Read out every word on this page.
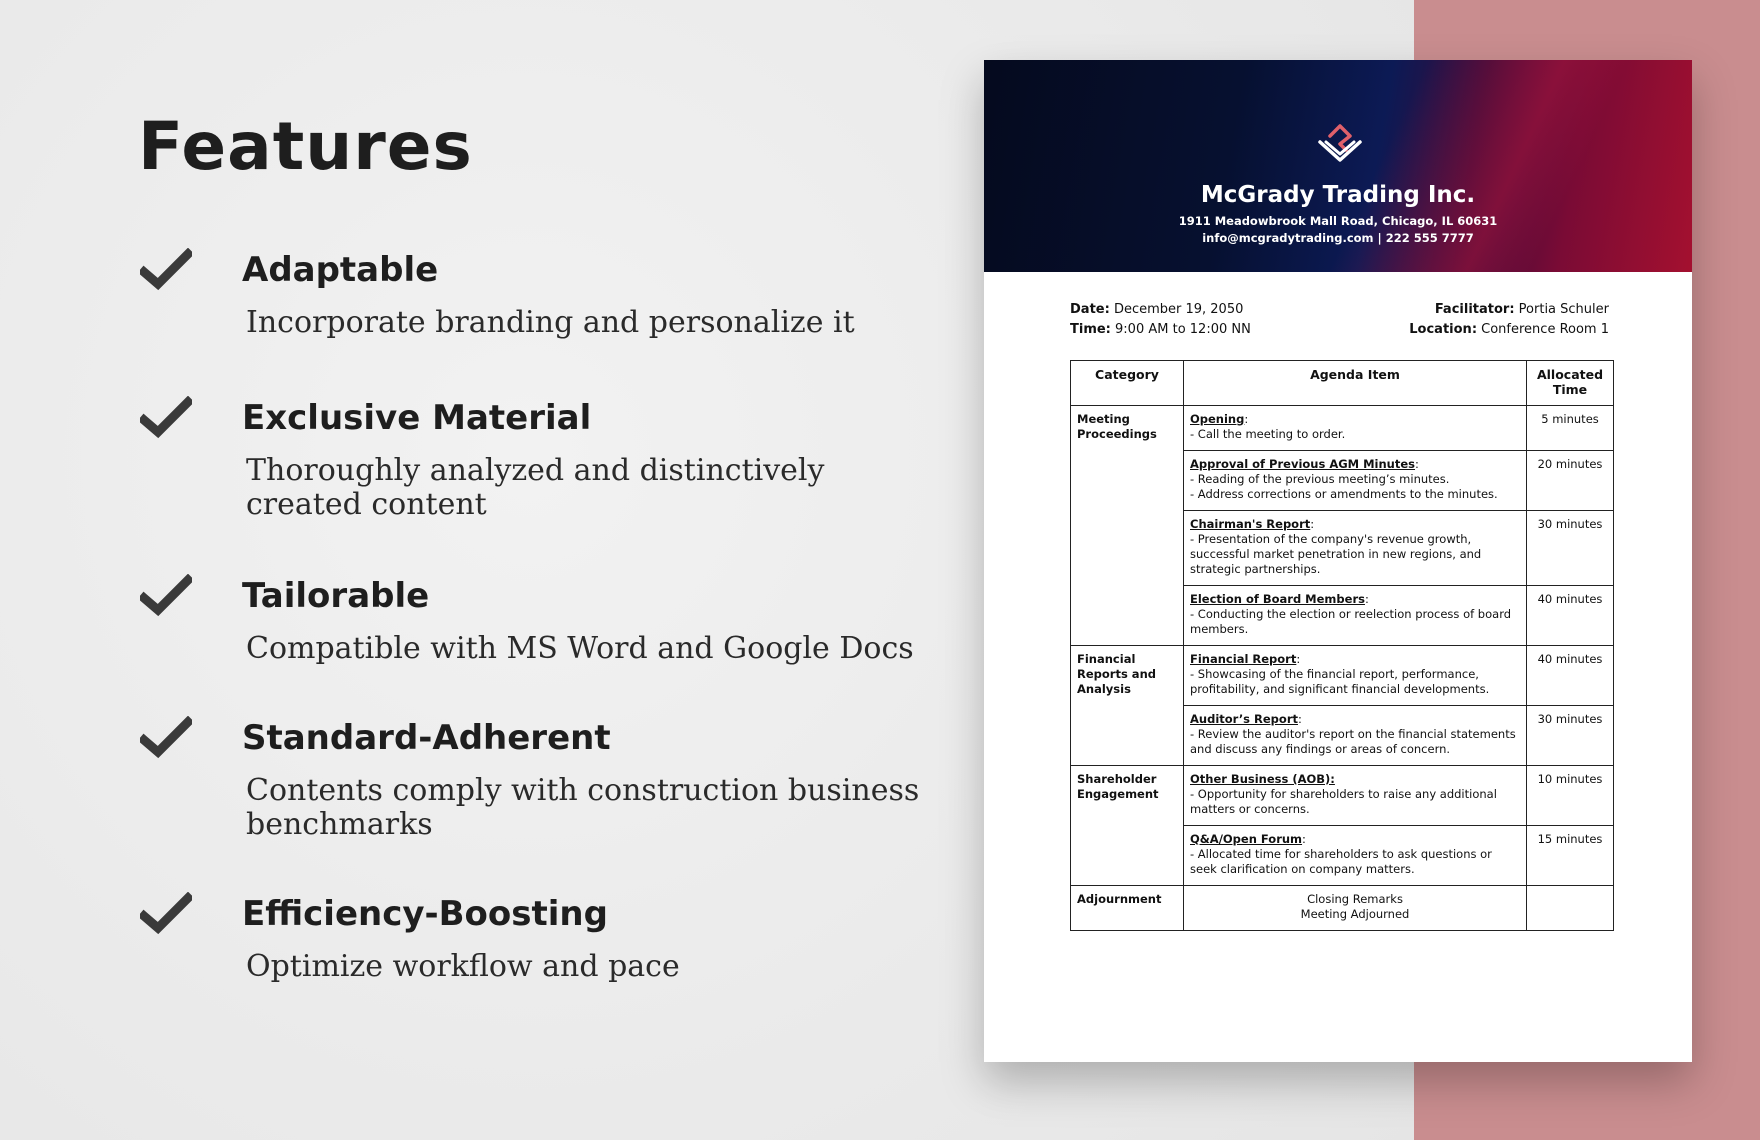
Features
Adaptable
Incorporate branding and personalize it
Exclusive Material
Thoroughly analyzed and distinctively created content
Tailorable
Compatible with MS Word and Google Docs
Standard-Adherent
Contents comply with construction business benchmarks
Efficiency-Boosting
Optimize workflow and pace
McGrady Trading Inc.
1911 Meadowbrook Mall Road, Chicago, IL 60631
info@mcgradytrading.com | 222 555 7777
Date: December 19, 2050
Time: 9:00 AM to 12:00 NN
Facilitator: Portia Schuler
Location: Conference Room 1
Category	Agenda Item	Allocated Time
Meeting Proceedings	Opening:
- Call the meeting to order.	5 minutes
	Approval of Previous AGM Minutes:
- Reading of the previous meeting’s minutes.
- Address corrections or amendments to the minutes.	20 minutes
	Chairman's Report:
- Presentation of the company's revenue growth, successful market penetration in new regions, and strategic partnerships.	30 minutes
	Election of Board Members:
- Conducting the election or reelection process of board members.	40 minutes
Financial Reports and Analysis	Financial Report:
- Showcasing of the financial report, performance, profitability, and significant financial developments.	40 minutes
	Auditor’s Report:
- Review the auditor's report on the financial statements and discuss any findings or areas of concern.	30 minutes
Shareholder Engagement	Other Business (AOB):
- Opportunity for shareholders to raise any additional matters or concerns.	10 minutes
	Q&A/Open Forum:
- Allocated time for shareholders to ask questions or seek clarification on company matters.	15 minutes
Adjournment	Closing Remarks
Meeting Adjourned	
